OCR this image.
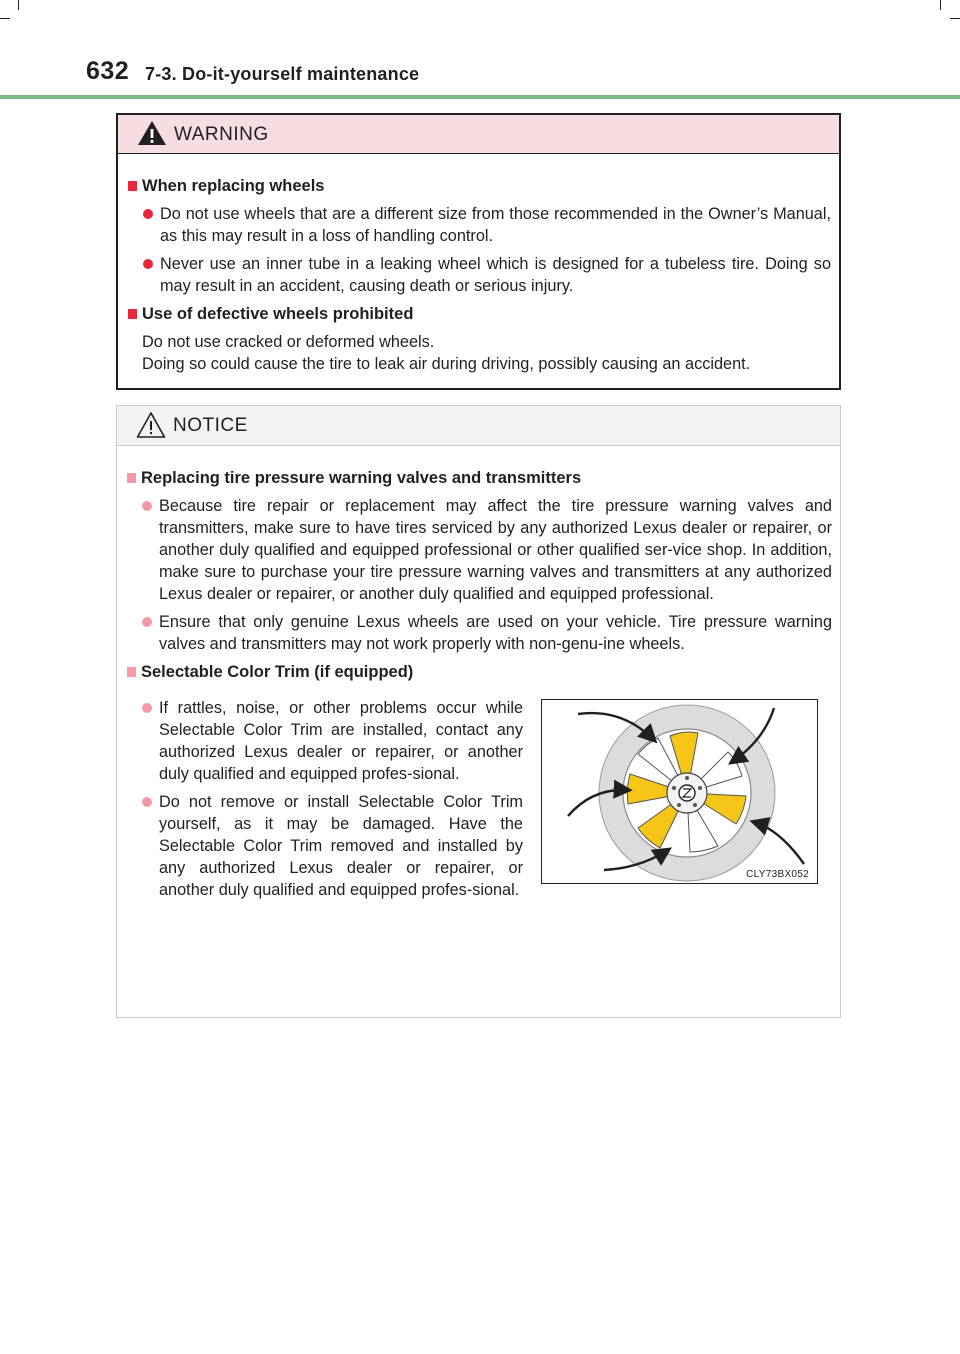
632 7-3. Do-it-yourself maintenance
WARNING
When replacing wheels
Do not use wheels that are a different size from those recommended in the Owner’s Manual, as this may result in a loss of handling control.
Never use an inner tube in a leaking wheel which is designed for a tubeless tire. Doing so may result in an accident, causing death or serious injury.
Use of defective wheels prohibited
Do not use cracked or deformed wheels.
Doing so could cause the tire to leak air during driving, possibly causing an accident.
NOTICE
Replacing tire pressure warning valves and transmitters
Because tire repair or replacement may affect the tire pressure warning valves and transmitters, make sure to have tires serviced by any authorized Lexus dealer or repairer, or another duly qualified and equipped professional or other qualified ser-vice shop. In addition, make sure to purchase your tire pressure warning valves and transmitters at any authorized Lexus dealer or repairer, or another duly qualified and equipped professional.
Ensure that only genuine Lexus wheels are used on your vehicle. Tire pressure warning valves and transmitters may not work properly with non-genu-ine wheels.
Selectable Color Trim (if equipped)
If rattles, noise, or other problems occur while Selectable Color Trim are installed, contact any authorized Lexus dealer or repairer, or another duly qualified and equipped profes-sional.
Do not remove or install Selectable Color Trim yourself, as it may be damaged. Have the Selectable Color Trim removed and installed by any authorized Lexus dealer or repairer, or another duly qualified and equipped profes-sional.
CLY73BX052
